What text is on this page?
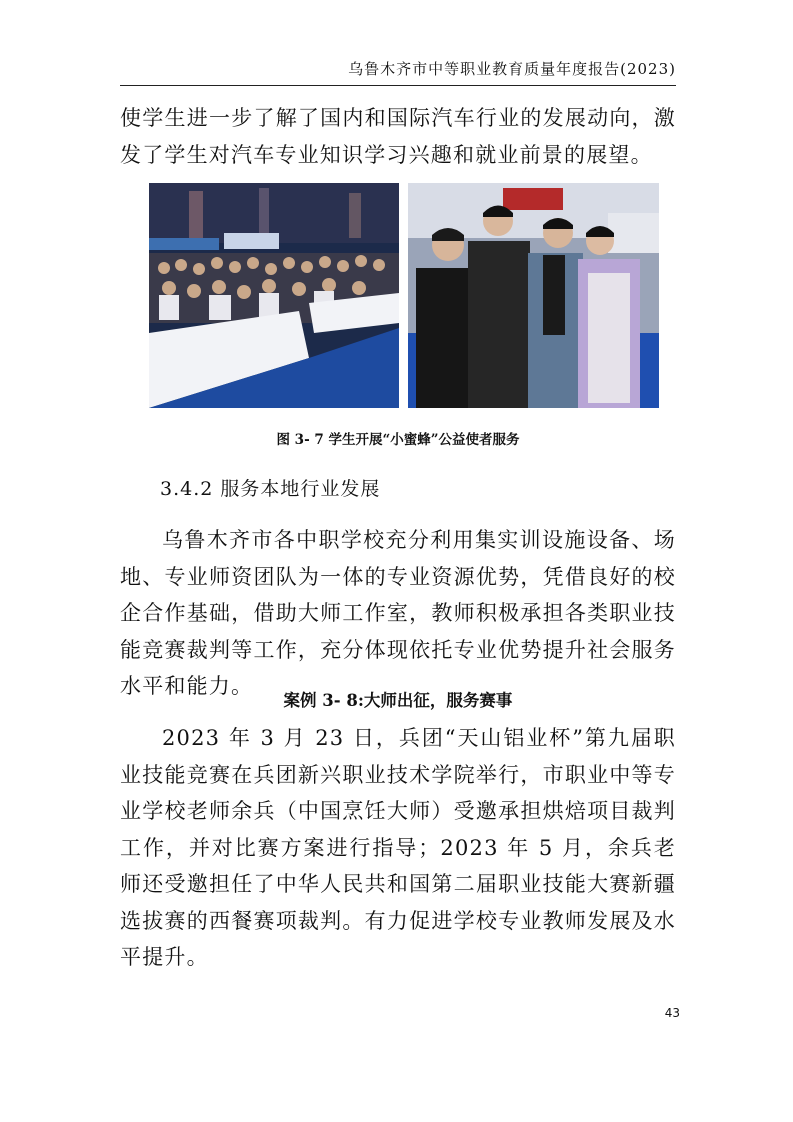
乌鲁木齐市中等职业教育质量年度报告(2023)
使学生进一步了解了国内和国际汽车行业的发展动向，激发了学生对汽车专业知识学习兴趣和就业前景的展望。
图 3- 7 学生开展“小蜜蜂”公益使者服务
3.4.2 服务本地行业发展
乌鲁木齐市各中职学校充分利用集实训设施设备、场地、专业师资团队为一体的专业资源优势，凭借良好的校企合作基础，借助大师工作室，教师积极承担各类职业技能竞赛裁判等工作，充分体现依托专业优势提升社会服务水平和能力。
案例 3- 8:大师出征，服务赛事
2023 年 3 月 23 日，兵团“天山铝业杯”第九届职业技能竞赛在兵团新兴职业技术学院举行，市职业中等专业学校老师余兵（中国烹饪大师）受邀承担烘焙项目裁判工作，并对比赛方案进行指导；2023 年 5 月，余兵老师还受邀担任了中华人民共和国第二届职业技能大赛新疆选拔赛的西餐赛项裁判。有力促进学校专业教师发展及水平提升。
43
